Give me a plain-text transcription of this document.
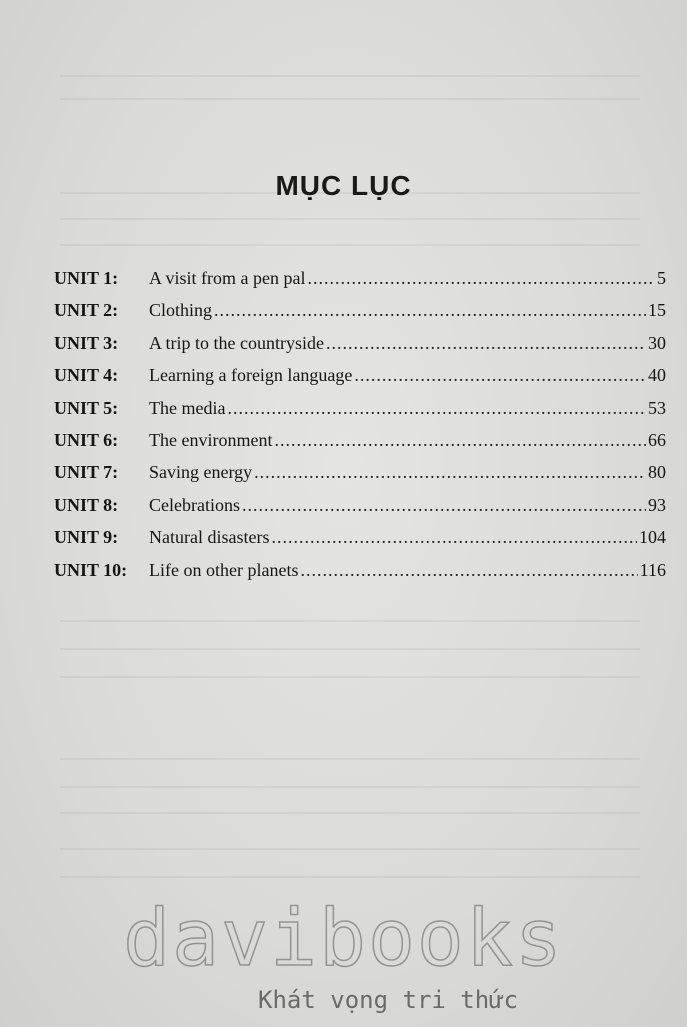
MỤC LỤC
UNIT 1:	A visit from a pen pal .....	5
UNIT 2:	Clothing .....	15
UNIT 3:	A trip to the countryside .....	30
UNIT 4:	Learning a foreign language .....	40
UNIT 5:	The media .....	53
UNIT 6:	The environment .....	66
UNIT 7:	Saving energy .....	80
UNIT 8:	Celebrations .....	93
UNIT 9:	Natural disasters .....	104
UNIT 10:	Life on other planets .....	116
davibooks
Khát vọng tri thức
